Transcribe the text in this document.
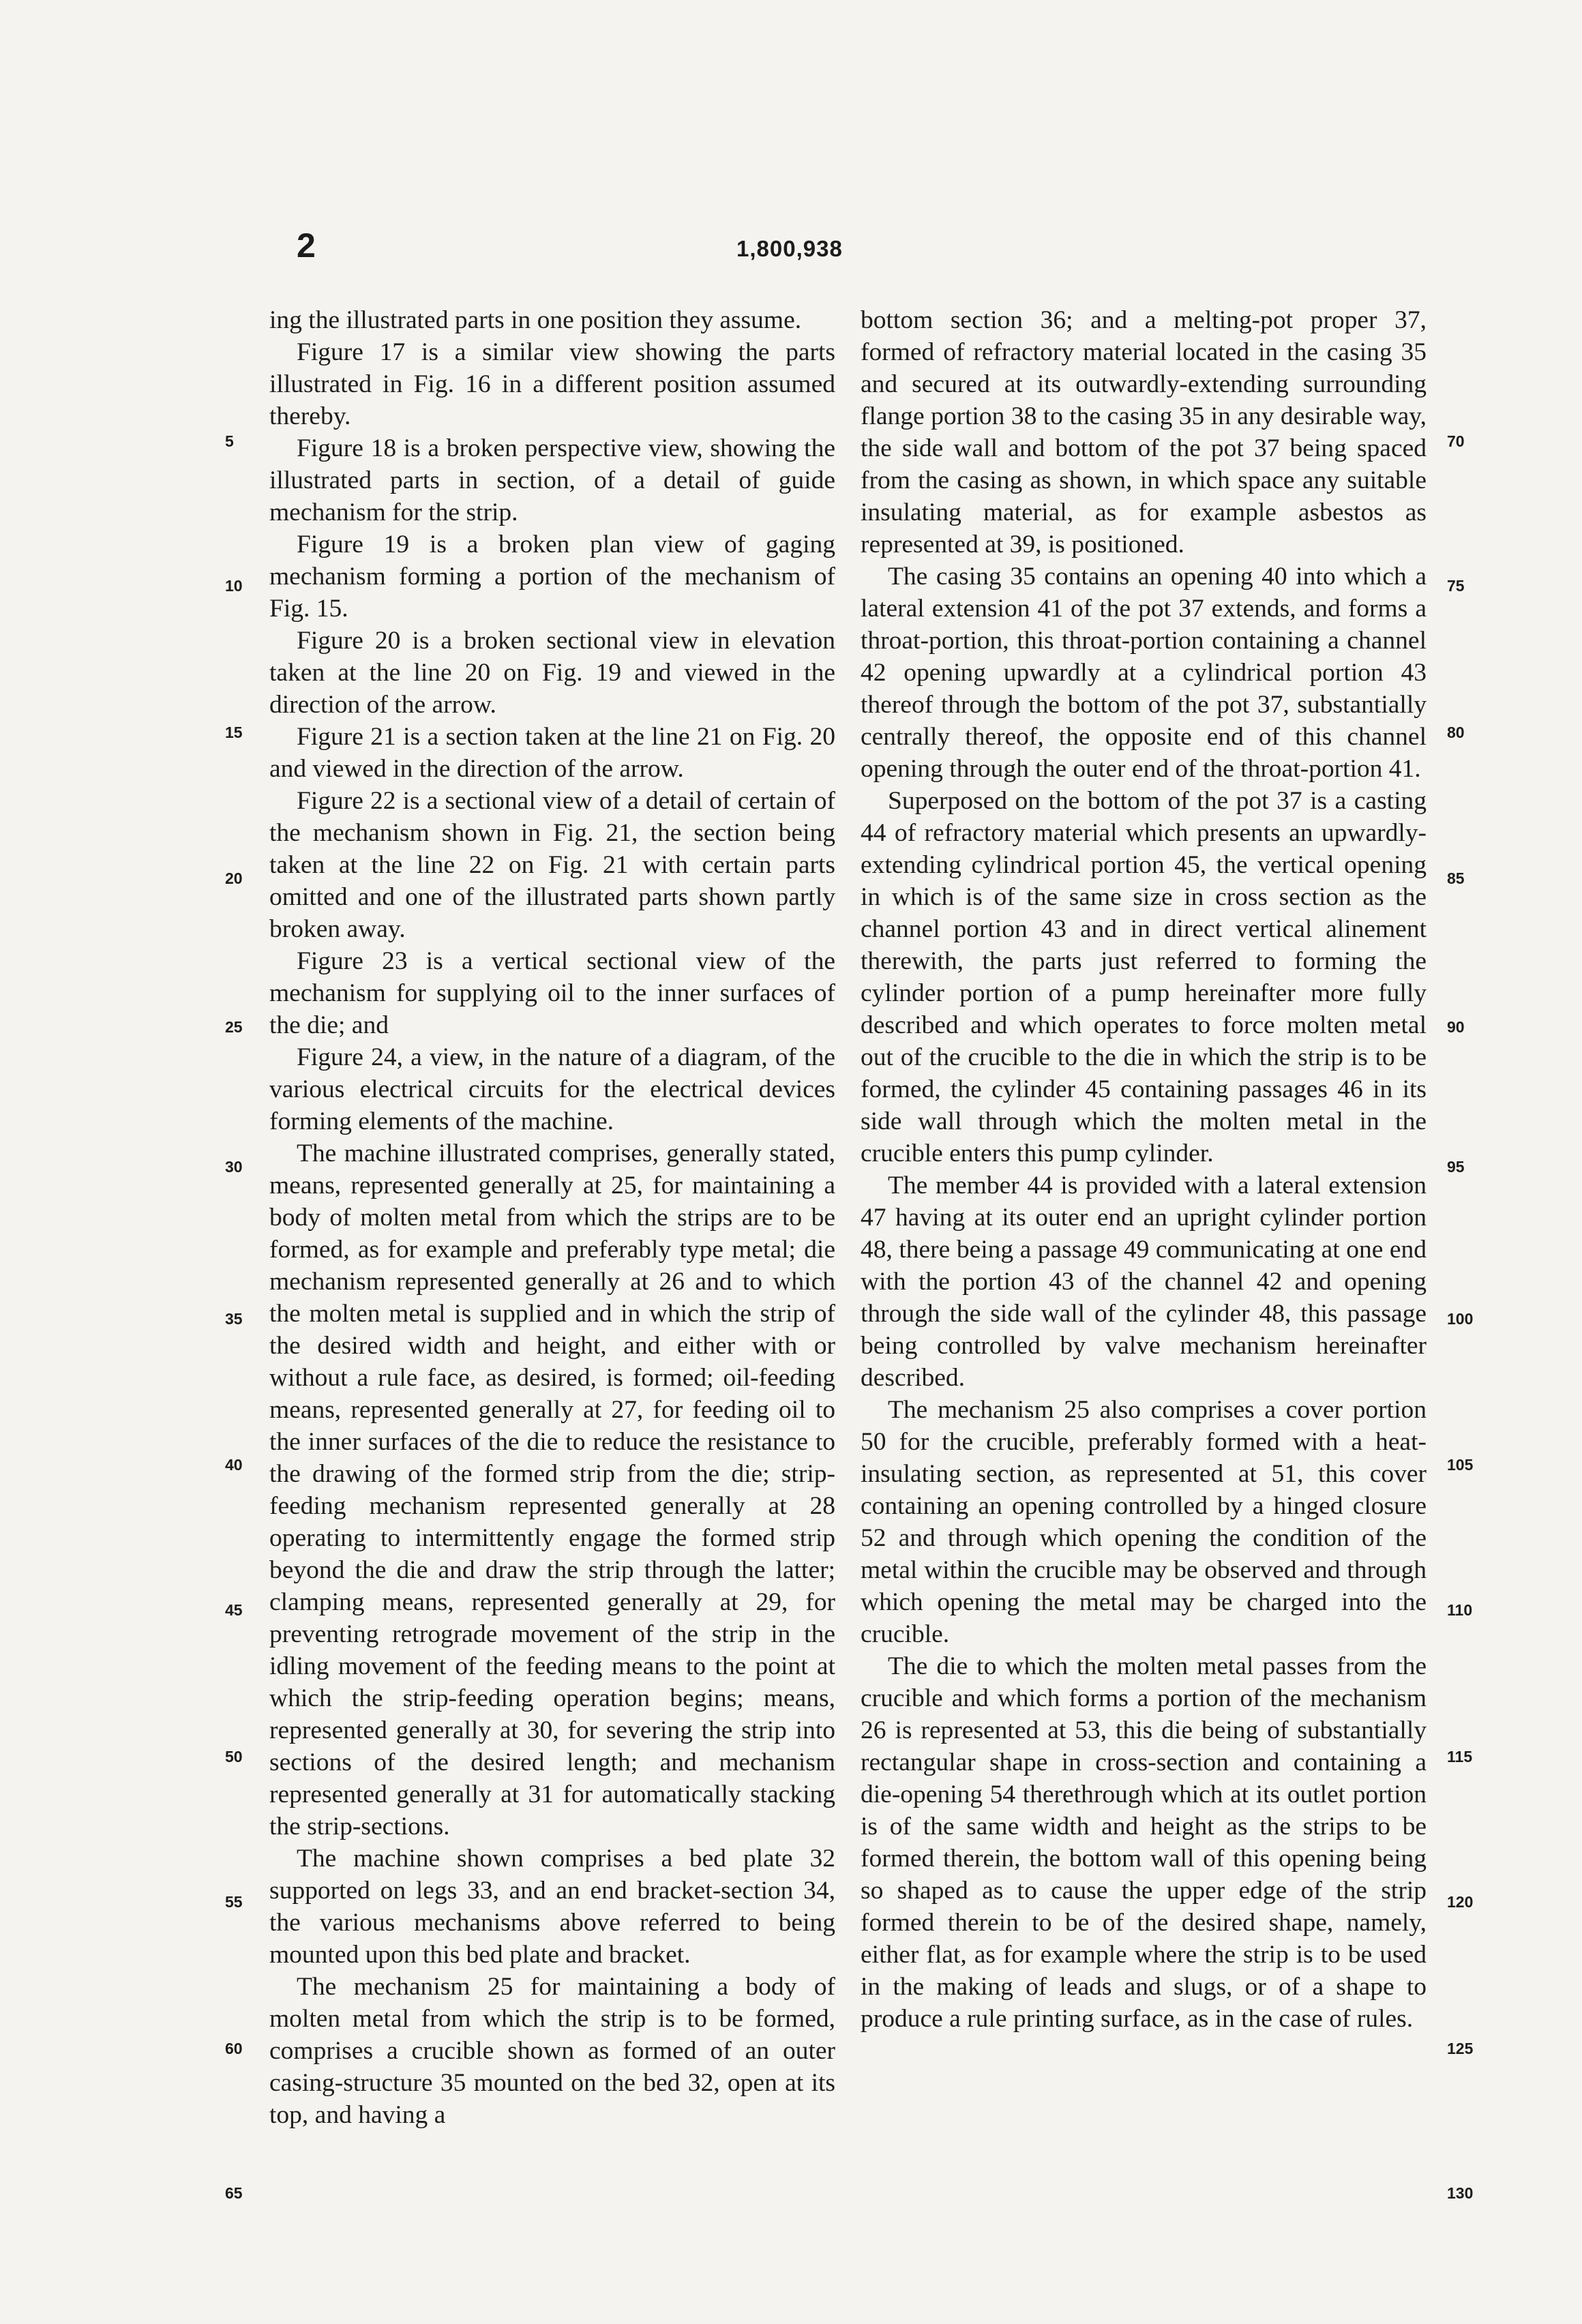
2	1,800,938

ing the illustrated parts in one position they assume.

Figure 17 is a similar view showing the parts illustrated in Fig. 16 in a different position assumed thereby.

Figure 18 is a broken perspective view, showing the illustrated parts in section, of a detail of guide mechanism for the strip.

Figure 19 is a broken plan view of gaging mechanism forming a portion of the mechanism of Fig. 15.

Figure 20 is a broken sectional view in elevation taken at the line 20 on Fig. 19 and viewed in the direction of the arrow.

Figure 21 is a section taken at the line 21 on Fig. 20 and viewed in the direction of the arrow.

Figure 22 is a sectional view of a detail of certain of the mechanism shown in Fig. 21, the section being taken at the line 22 on Fig. 21 with certain parts omitted and one of the illustrated parts shown partly broken away.

Figure 23 is a vertical sectional view of the mechanism for supplying oil to the inner surfaces of the die; and

Figure 24, a view, in the nature of a diagram, of the various electrical circuits for the electrical devices forming elements of the machine.

The machine illustrated comprises, generally stated, means, represented generally at 25, for maintaining a body of molten metal from which the strips are to be formed, as for example and preferably type metal; die mechanism represented generally at 26 and to which the molten metal is supplied and in which the strip of the desired width and height, and either with or without a rule face, as desired, is formed; oil-feeding means, represented generally at 27, for feeding oil to the inner surfaces of the die to reduce the resistance to the drawing of the formed strip from the die; strip-feeding mechanism represented generally at 28 operating to intermittently engage the formed strip beyond the die and draw the strip through the latter; clamping means, represented generally at 29, for preventing retrograde movement of the strip in the idling movement of the feeding means to the point at which the strip-feeding operation begins; means, represented generally at 30, for severing the strip into sections of the desired length; and mechanism represented generally at 31 for automatically stacking the strip-sections.

The machine shown comprises a bed plate 32 supported on legs 33, and an end bracket-section 34, the various mechanisms above referred to being mounted upon this bed plate and bracket.

The mechanism 25 for maintaining a body of molten metal from which the strip is to be formed, comprises a crucible shown as formed of an outer casing-structure 35 mounted on the bed 32, open at its top, and having a

bottom section 36; and a melting-pot proper 37, formed of refractory material located in the casing 35 and secured at its outwardly-extending surrounding flange portion 38 to the casing 35 in any desirable way, the side wall and bottom of the pot 37 being spaced from the casing as shown, in which space any suitable insulating material, as for example asbestos as represented at 39, is positioned.

The casing 35 contains an opening 40 into which a lateral extension 41 of the pot 37 extends, and forms a throat-portion, this throat-portion containing a channel 42 opening upwardly at a cylindrical portion 43 thereof through the bottom of the pot 37, substantially centrally thereof, the opposite end of this channel opening through the outer end of the throat-portion 41.

Superposed on the bottom of the pot 37 is a casting 44 of refractory material which presents an upwardly-extending cylindrical portion 45, the vertical opening in which is of the same size in cross section as the channel portion 43 and in direct vertical alinement therewith, the parts just referred to forming the cylinder portion of a pump hereinafter more fully described and which operates to force molten metal out of the crucible to the die in which the strip is to be formed, the cylinder 45 containing passages 46 in its side wall through which the molten metal in the crucible enters this pump cylinder.

The member 44 is provided with a lateral extension 47 having at its outer end an upright cylinder portion 48, there being a passage 49 communicating at one end with the portion 43 of the channel 42 and opening through the side wall of the cylinder 48, this passage being controlled by valve mechanism hereinafter described.

The mechanism 25 also comprises a cover portion 50 for the crucible, preferably formed with a heat-insulating section, as represented at 51, this cover containing an opening controlled by a hinged closure 52 and through which opening the condition of the metal within the crucible may be observed and through which opening the metal may be charged into the crucible.

The die to which the molten metal passes from the crucible and which forms a portion of the mechanism 26 is represented at 53, this die being of substantially rectangular shape in cross-section and containing a die-opening 54 therethrough which at its outlet portion is of the same width and height as the strips to be formed therein, the bottom wall of this opening being so shaped as to cause the upper edge of the strip formed therein to be of the desired shape, namely, either flat, as for example where the strip is to be used in the making of leads and slugs, or of a shape to produce a rule printing surface, as in the case of rules.

5
10
15
20
25
30
35
40
45
50
55
60
65
70
75
80
85
90
95
100
105
110
115
120
125
130
